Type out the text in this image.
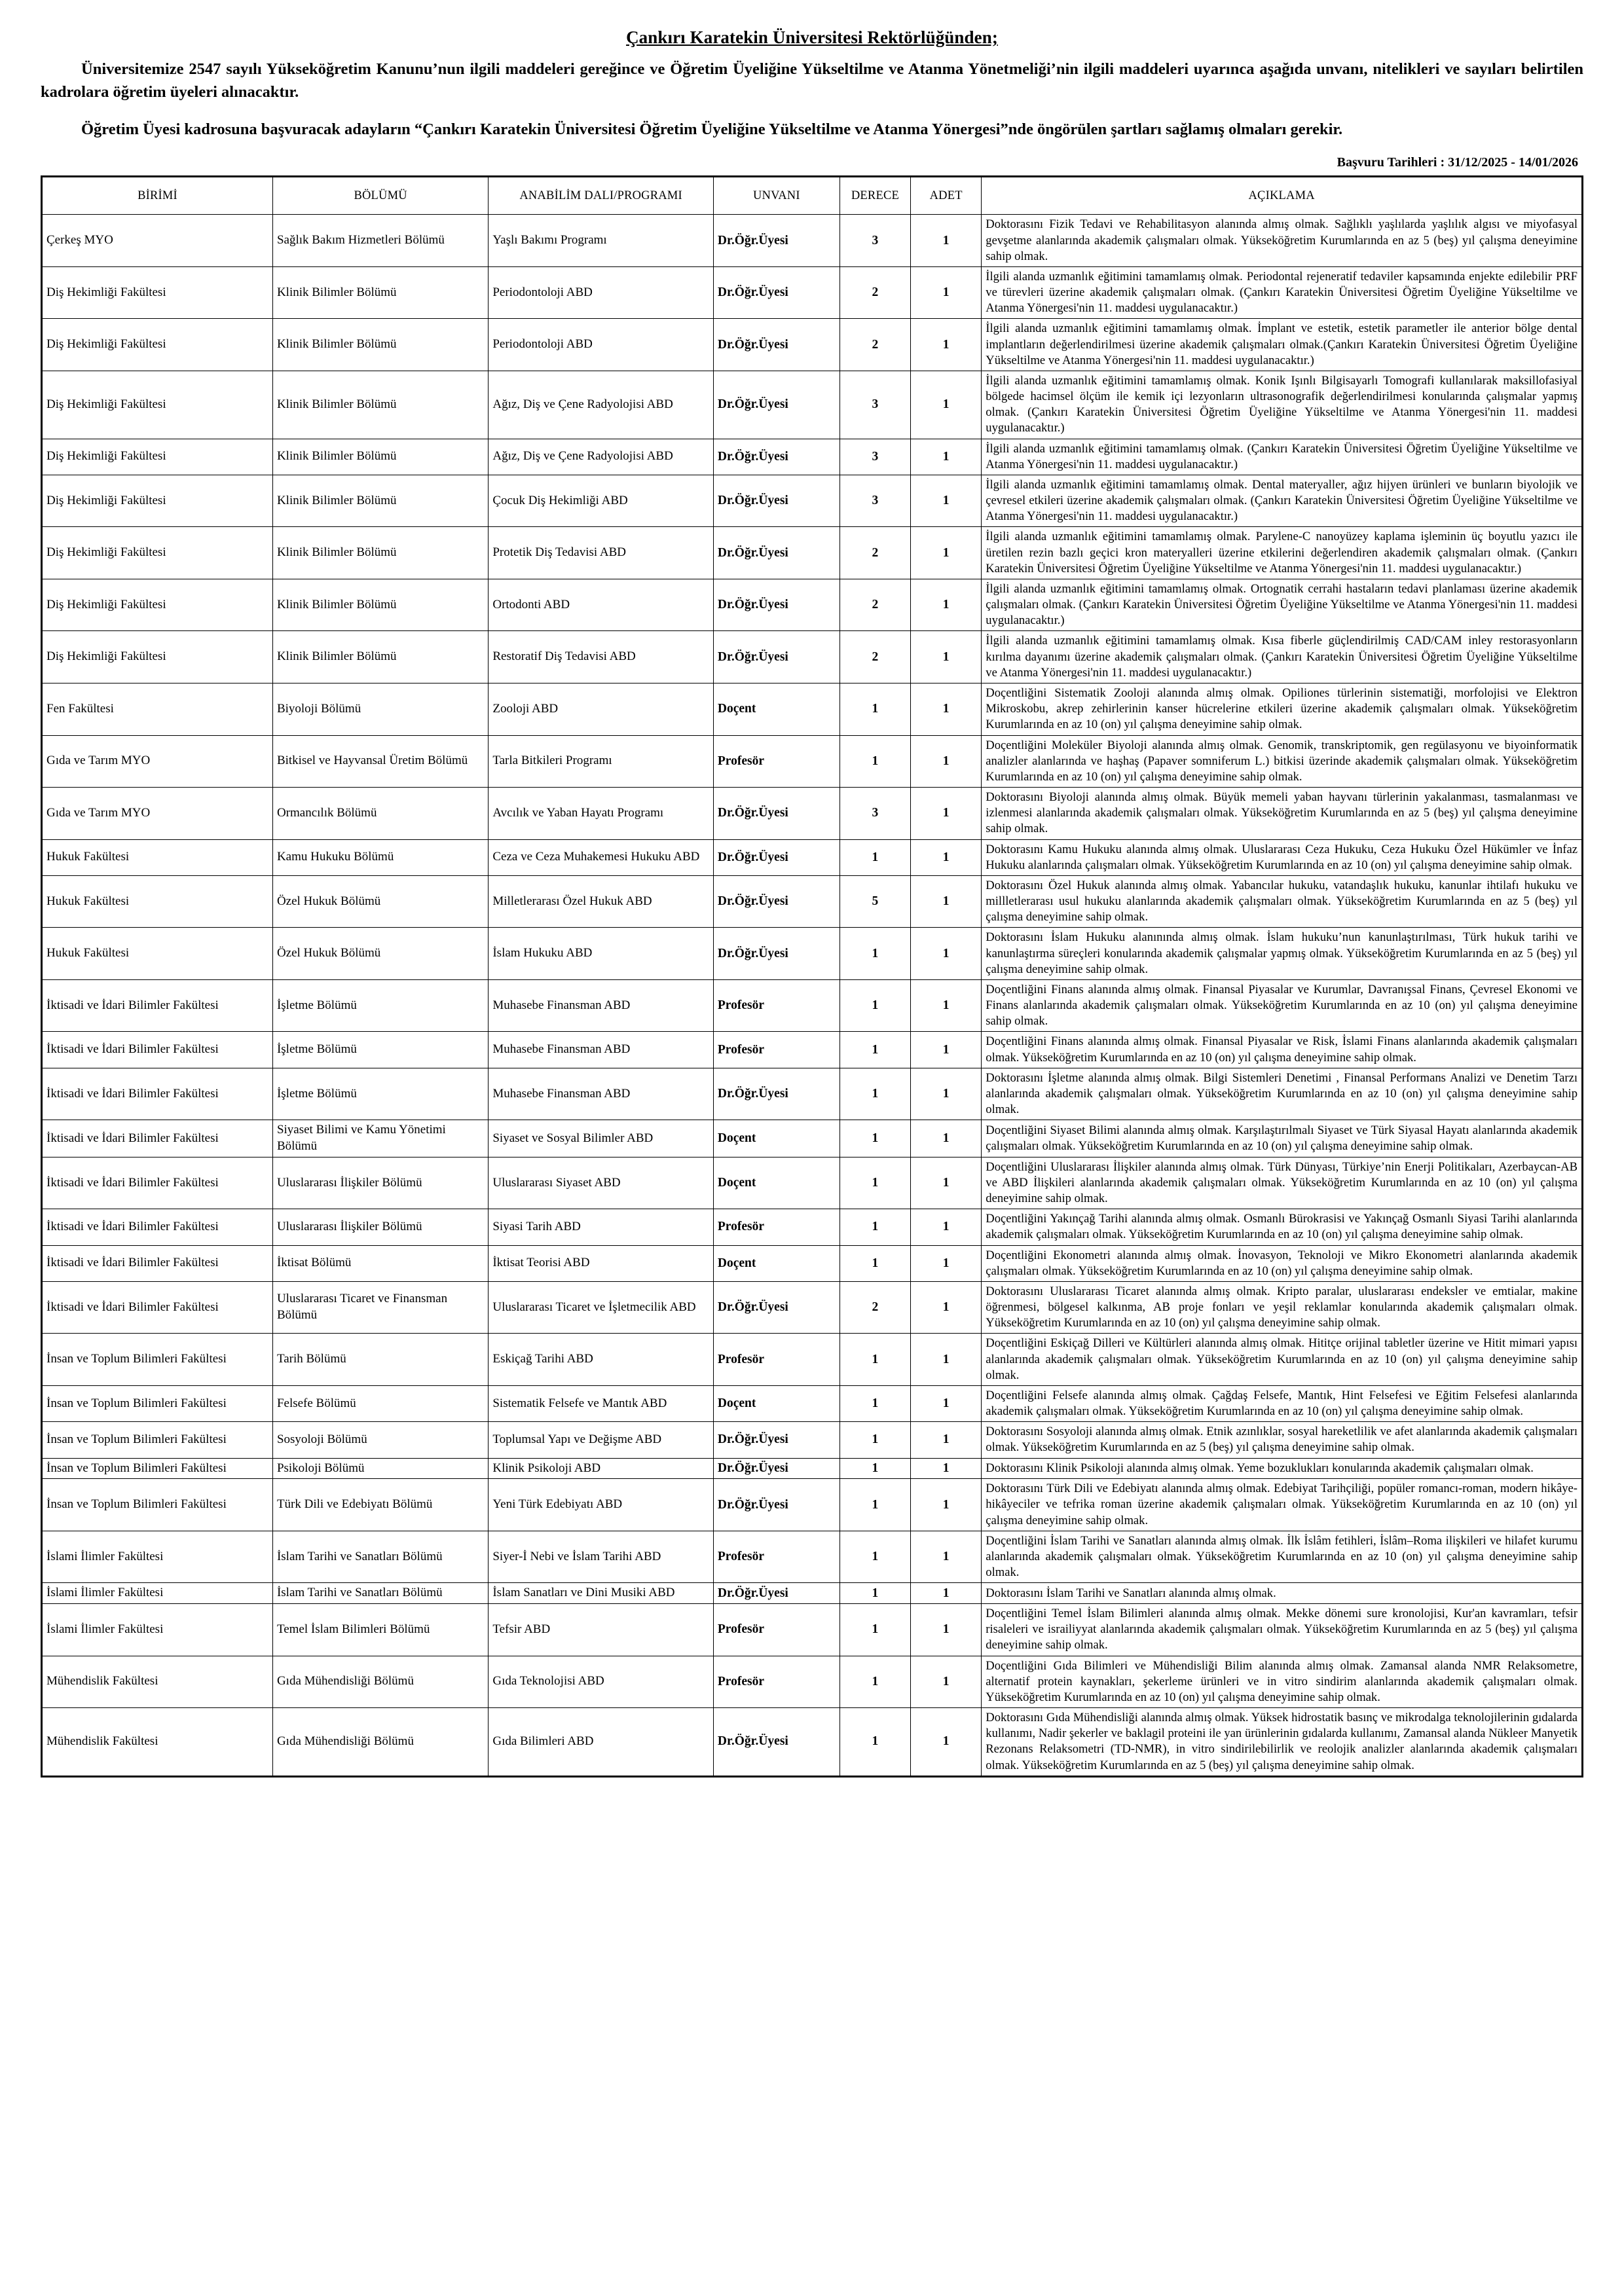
Çankırı Karatekin Üniversitesi Rektörlüğünden;

Üniversitemize 2547 sayılı Yükseköğretim Kanunu’nun ilgili maddeleri gereğince ve Öğretim Üyeliğine Yükseltilme ve Atanma Yönetmeliği’nin ilgili maddeleri uyarınca aşağıda unvanı, nitelikleri ve sayıları belirtilen kadrolara öğretim üyeleri alınacaktır.

Öğretim Üyesi kadrosuna başvuracak adayların “Çankırı Karatekin Üniversitesi Öğretim Üyeliğine Yükseltilme ve Atanma Yönergesi”nde öngörülen şartları sağlamış olmaları gerekir.

Başvuru Tarihleri : 31/12/2025 - 14/01/2026
BİRİMİ	BÖLÜMÜ	ANABİLİM DALI/PROGRAMI	UNVANI	DERECE	ADET	AÇIKLAMA
Çerkeş MYO	Sağlık Bakım Hizmetleri Bölümü	Yaşlı Bakımı Programı	Dr.Öğr.Üyesi	3	1	Doktorasını Fizik Tedavi ve Rehabilitasyon alanında almış olmak. Sağlıklı yaşlılarda yaşlılık algısı ve miyofasyal gevşetme alanlarında akademik çalışmaları olmak. Yükseköğretim Kurumlarında en az 5 (beş) yıl çalışma deneyimine sahip olmak.
Diş Hekimliği Fakültesi	Klinik Bilimler Bölümü	Periodontoloji ABD	Dr.Öğr.Üyesi	2	1	İlgili alanda uzmanlık eğitimini tamamlamış olmak. Periodontal rejeneratif tedaviler kapsamında enjekte edilebilir PRF ve türevleri üzerine akademik çalışmaları olmak. (Çankırı Karatekin Üniversitesi Öğretim Üyeliğine Yükseltilme ve Atanma Yönergesi'nin 11. maddesi uygulanacaktır.)
Diş Hekimliği Fakültesi	Klinik Bilimler Bölümü	Periodontoloji ABD	Dr.Öğr.Üyesi	2	1	İlgili alanda uzmanlık eğitimini tamamlamış olmak. İmplant ve estetik, estetik parametler ile anterior bölge dental implantların değerlendirilmesi üzerine akademik çalışmaları olmak.(Çankırı Karatekin Üniversitesi Öğretim Üyeliğine Yükseltilme ve Atanma Yönergesi'nin 11. maddesi uygulanacaktır.)
Diş Hekimliği Fakültesi	Klinik Bilimler Bölümü	Ağız, Diş ve Çene Radyolojisi ABD	Dr.Öğr.Üyesi	3	1	İlgili alanda uzmanlık eğitimini tamamlamış olmak. Konik Işınlı Bilgisayarlı Tomografi kullanılarak maksillofasiyal bölgede hacimsel ölçüm ile kemik içi lezyonların ultrasonografik değerlendirilmesi konularında çalışmalar yapmış olmak. (Çankırı Karatekin Üniversitesi Öğretim Üyeliğine Yükseltilme ve Atanma Yönergesi'nin 11. maddesi uygulanacaktır.)
Diş Hekimliği Fakültesi	Klinik Bilimler Bölümü	Ağız, Diş ve Çene Radyolojisi ABD	Dr.Öğr.Üyesi	3	1	İlgili alanda uzmanlık eğitimini tamamlamış olmak. (Çankırı Karatekin Üniversitesi Öğretim Üyeliğine Yükseltilme ve Atanma Yönergesi'nin 11. maddesi uygulanacaktır.)
Diş Hekimliği Fakültesi	Klinik Bilimler Bölümü	Çocuk Diş Hekimliği ABD	Dr.Öğr.Üyesi	3	1	İlgili alanda uzmanlık eğitimini tamamlamış olmak. Dental materyaller, ağız hijyen ürünleri ve bunların biyolojik ve çevresel etkileri üzerine akademik çalışmaları olmak. (Çankırı Karatekin Üniversitesi Öğretim Üyeliğine Yükseltilme ve Atanma Yönergesi'nin 11. maddesi uygulanacaktır.)
Diş Hekimliği Fakültesi	Klinik Bilimler Bölümü	Protetik Diş Tedavisi ABD	Dr.Öğr.Üyesi	2	1	İlgili alanda uzmanlık eğitimini tamamlamış olmak. Parylene-C nanoyüzey kaplama işleminin üç boyutlu yazıcı ile üretilen rezin bazlı geçici kron materyalleri üzerine etkilerini değerlendiren akademik çalışmaları olmak. (Çankırı Karatekin Üniversitesi Öğretim Üyeliğine Yükseltilme ve Atanma Yönergesi'nin 11. maddesi uygulanacaktır.)
Diş Hekimliği Fakültesi	Klinik Bilimler Bölümü	Ortodonti ABD	Dr.Öğr.Üyesi	2	1	İlgili alanda uzmanlık eğitimini tamamlamış olmak. Ortognatik cerrahi hastaların tedavi planlaması üzerine akademik çalışmaları olmak. (Çankırı Karatekin Üniversitesi Öğretim Üyeliğine Yükseltilme ve Atanma Yönergesi'nin 11. maddesi uygulanacaktır.)
Diş Hekimliği Fakültesi	Klinik Bilimler Bölümü	Restoratif Diş Tedavisi ABD	Dr.Öğr.Üyesi	2	1	İlgili alanda uzmanlık eğitimini tamamlamış olmak. Kısa fiberle güçlendirilmiş CAD/CAM inley restorasyonların kırılma dayanımı üzerine akademik çalışmaları olmak. (Çankırı Karatekin Üniversitesi Öğretim Üyeliğine Yükseltilme ve Atanma Yönergesi'nin 11. maddesi uygulanacaktır.)
Fen Fakültesi	Biyoloji Bölümü	Zooloji ABD	Doçent	1	1	Doçentliğini Sistematik Zooloji alanında almış olmak. Opiliones türlerinin sistematiği, morfolojisi ve Elektron Mikroskobu, akrep zehirlerinin kanser hücrelerine etkileri üzerine akademik çalışmaları olmak. Yükseköğretim Kurumlarında en az 10 (on) yıl çalışma deneyimine sahip olmak.
Gıda ve Tarım MYO	Bitkisel ve Hayvansal Üretim Bölümü	Tarla Bitkileri Programı	Profesör	1	1	Doçentliğini Moleküler Biyoloji alanında almış olmak. Genomik, transkriptomik, gen regülasyonu ve biyoinformatik analizler alanlarında ve haşhaş (Papaver somniferum L.) bitkisi üzerinde akademik çalışmaları olmak. Yükseköğretim Kurumlarında en az 10 (on) yıl çalışma deneyimine sahip olmak.
Gıda ve Tarım MYO	Ormancılık Bölümü	Avcılık ve Yaban Hayatı Programı	Dr.Öğr.Üyesi	3	1	Doktorasını Biyoloji alanında almış olmak. Büyük memeli yaban hayvanı türlerinin yakalanması, tasmalanması ve izlenmesi alanlarında akademik çalışmaları olmak. Yükseköğretim Kurumlarında en az 5 (beş) yıl çalışma deneyimine sahip olmak.
Hukuk Fakültesi	Kamu Hukuku Bölümü	Ceza ve Ceza Muhakemesi Hukuku ABD	Dr.Öğr.Üyesi	1	1	Doktorasını Kamu Hukuku alanında almış olmak. Uluslararası Ceza Hukuku, Ceza Hukuku Özel Hükümler ve İnfaz Hukuku alanlarında çalışmaları olmak. Yükseköğretim Kurumlarında en az 10 (on) yıl çalışma deneyimine sahip olmak.
Hukuk Fakültesi	Özel Hukuk Bölümü	Milletlerarası Özel Hukuk ABD	Dr.Öğr.Üyesi	5	1	Doktorasını Özel Hukuk alanında almış olmak. Yabancılar hukuku, vatandaşlık hukuku, kanunlar ihtilafı hukuku ve millletlerarası usul hukuku alanlarında akademik çalışmaları olmak. Yükseköğretim Kurumlarında en az 5 (beş) yıl çalışma deneyimine sahip olmak.
Hukuk Fakültesi	Özel Hukuk Bölümü	İslam Hukuku ABD	Dr.Öğr.Üyesi	1	1	Doktorasını İslam Hukuku alanınında almış olmak. İslam hukuku’nun kanunlaştırılması, Türk hukuk tarihi ve kanunlaştırma süreçleri konularında akademik çalışmalar yapmış olmak. Yükseköğretim Kurumlarında en az 5 (beş) yıl çalışma deneyimine sahip olmak.
İktisadi ve İdari Bilimler Fakültesi	İşletme Bölümü	Muhasebe Finansman ABD	Profesör	1	1	Doçentliğini Finans alanında almış olmak. Finansal Piyasalar ve Kurumlar, Davranışsal Finans, Çevresel Ekonomi ve Finans alanlarında akademik çalışmaları olmak. Yükseköğretim Kurumlarında en az 10 (on) yıl çalışma deneyimine sahip olmak.
İktisadi ve İdari Bilimler Fakültesi	İşletme Bölümü	Muhasebe Finansman ABD	Profesör	1	1	Doçentliğini Finans alanında almış olmak. Finansal Piyasalar ve Risk, İslami Finans alanlarında akademik çalışmaları olmak. Yükseköğretim Kurumlarında en az 10 (on) yıl çalışma deneyimine sahip olmak.
İktisadi ve İdari Bilimler Fakültesi	İşletme Bölümü	Muhasebe Finansman ABD	Dr.Öğr.Üyesi	1	1	Doktorasını İşletme alanında almış olmak. Bilgi Sistemleri Denetimi , Finansal Performans Analizi ve Denetim Tarzı alanlarında akademik çalışmaları olmak. Yükseköğretim Kurumlarında en az 10 (on) yıl çalışma deneyimine sahip olmak.
İktisadi ve İdari Bilimler Fakültesi	Siyaset Bilimi ve Kamu Yönetimi Bölümü	Siyaset ve Sosyal Bilimler ABD	Doçent	1	1	Doçentliğini Siyaset Bilimi alanında almış olmak. Karşılaştırılmalı Siyaset ve Türk Siyasal Hayatı alanlarında akademik çalışmaları olmak. Yükseköğretim Kurumlarında en az 10 (on) yıl çalışma deneyimine sahip olmak.
İktisadi ve İdari Bilimler Fakültesi	Uluslararası İlişkiler Bölümü	Uluslararası Siyaset ABD	Doçent	1	1	Doçentliğini Uluslararası İlişkiler alanında almış olmak. Türk Dünyası, Türkiye’nin Enerji Politikaları, Azerbaycan-AB ve ABD İlişkileri alanlarında akademik çalışmaları olmak. Yükseköğretim Kurumlarında en az 10 (on) yıl çalışma deneyimine sahip olmak.
İktisadi ve İdari Bilimler Fakültesi	Uluslararası İlişkiler Bölümü	Siyasi Tarih ABD	Profesör	1	1	Doçentliğini Yakınçağ Tarihi alanında almış olmak. Osmanlı Bürokrasisi ve Yakınçağ Osmanlı Siyasi Tarihi alanlarında akademik çalışmaları olmak. Yükseköğretim Kurumlarında en az 10 (on) yıl çalışma deneyimine sahip olmak.
İktisadi ve İdari Bilimler Fakültesi	İktisat Bölümü	İktisat Teorisi ABD	Doçent	1	1	Doçentliğini Ekonometri alanında almış olmak. İnovasyon, Teknoloji ve Mikro Ekonometri alanlarında akademik çalışmaları olmak. Yükseköğretim Kurumlarında en az 10 (on) yıl çalışma deneyimine sahip olmak.
İktisadi ve İdari Bilimler Fakültesi	Uluslararası Ticaret ve Finansman Bölümü	Uluslararası Ticaret ve İşletmecilik ABD	Dr.Öğr.Üyesi	2	1	Doktorasını Uluslararası Ticaret alanında almış olmak. Kripto paralar, uluslararası endeksler ve emtialar, makine öğrenmesi, bölgesel kalkınma, AB proje fonları ve yeşil reklamlar konularında akademik çalışmaları olmak. Yükseköğretim Kurumlarında en az 10 (on) yıl çalışma deneyimine sahip olmak.
İnsan ve Toplum Bilimleri Fakültesi	Tarih Bölümü	Eskiçağ Tarihi ABD	Profesör	1	1	Doçentliğini Eskiçağ Dilleri ve Kültürleri alanında almış olmak. Hititçe orijinal tabletler üzerine ve Hitit mimari yapısı alanlarında akademik çalışmaları olmak. Yükseköğretim Kurumlarında en az 10 (on) yıl çalışma deneyimine sahip olmak.
İnsan ve Toplum Bilimleri Fakültesi	Felsefe Bölümü	Sistematik Felsefe ve Mantık ABD	Doçent	1	1	Doçentliğini Felsefe alanında almış olmak. Çağdaş Felsefe, Mantık, Hint Felsefesi ve Eğitim Felsefesi alanlarında akademik çalışmaları olmak. Yükseköğretim Kurumlarında en az 10 (on) yıl çalışma deneyimine sahip olmak.
İnsan ve Toplum Bilimleri Fakültesi	Sosyoloji Bölümü	Toplumsal Yapı ve Değişme ABD	Dr.Öğr.Üyesi	1	1	Doktorasını Sosyoloji alanında almış olmak. Etnik azınlıklar, sosyal hareketlilik ve afet alanlarında akademik çalışmaları olmak. Yükseköğretim Kurumlarında en az 5 (beş) yıl çalışma deneyimine sahip olmak.
İnsan ve Toplum Bilimleri Fakültesi	Psikoloji Bölümü	Klinik Psikoloji ABD	Dr.Öğr.Üyesi	1	1	Doktorasını Klinik Psikoloji alanında almış olmak. Yeme bozuklukları konularında akademik çalışmaları olmak.
İnsan ve Toplum Bilimleri Fakültesi	Türk Dili ve Edebiyatı Bölümü	Yeni Türk Edebiyatı ABD	Dr.Öğr.Üyesi	1	1	Doktorasını Türk Dili ve Edebiyatı alanında almış olmak. Edebiyat Tarihçiliği, popüler romancı-roman, modern hikâye-hikâyeciler ve tefrika roman üzerine akademik çalışmaları olmak. Yükseköğretim Kurumlarında en az 10 (on) yıl çalışma deneyimine sahip olmak.
İslami İlimler Fakültesi	İslam Tarihi ve Sanatları Bölümü	Siyer-İ Nebi ve İslam Tarihi ABD	Profesör	1	1	Doçentliğini İslam Tarihi ve Sanatları alanında almış olmak. İlk İslâm fetihleri, İslâm–Roma ilişkileri ve hilafet kurumu alanlarında akademik çalışmaları olmak. Yükseköğretim Kurumlarında en az 10 (on) yıl çalışma deneyimine sahip olmak.
İslami İlimler Fakültesi	İslam Tarihi ve Sanatları Bölümü	İslam Sanatları ve Dini Musiki ABD	Dr.Öğr.Üyesi	1	1	Doktorasını İslam Tarihi ve Sanatları alanında almış olmak.
İslami İlimler Fakültesi	Temel İslam Bilimleri Bölümü	Tefsir ABD	Profesör	1	1	Doçentliğini Temel İslam Bilimleri alanında almış olmak. Mekke dönemi sure kronolojisi, Kur'an kavramları, tefsir risaleleri ve israiliyyat alanlarında akademik çalışmaları olmak. Yükseköğretim Kurumlarında en az 5 (beş) yıl çalışma deneyimine sahip olmak.
Mühendislik Fakültesi	Gıda Mühendisliği Bölümü	Gıda Teknolojisi ABD	Profesör	1	1	Doçentliğini Gıda Bilimleri ve Mühendisliği Bilim alanında almış olmak. Zamansal alanda NMR Relaksometre, alternatif protein kaynakları, şekerleme ürünleri ve in vitro sindirim alanlarında akademik çalışmaları olmak. Yükseköğretim Kurumlarında en az 10 (on) yıl çalışma deneyimine sahip olmak.
Mühendislik Fakültesi	Gıda Mühendisliği Bölümü	Gıda Bilimleri ABD	Dr.Öğr.Üyesi	1	1	Doktorasını Gıda Mühendisliği alanında almış olmak. Yüksek hidrostatik basınç ve mikrodalga teknolojilerinin gıdalarda kullanımı, Nadir şekerler ve baklagil proteini ile yan ürünlerinin gıdalarda kullanımı, Zamansal alanda Nükleer Manyetik Rezonans Relaksometri (TD-NMR), in vitro sindirilebilirlik ve reolojik analizler alanlarında akademik çalışmaları olmak. Yükseköğretim Kurumlarında en az 5 (beş) yıl çalışma deneyimine sahip olmak.
